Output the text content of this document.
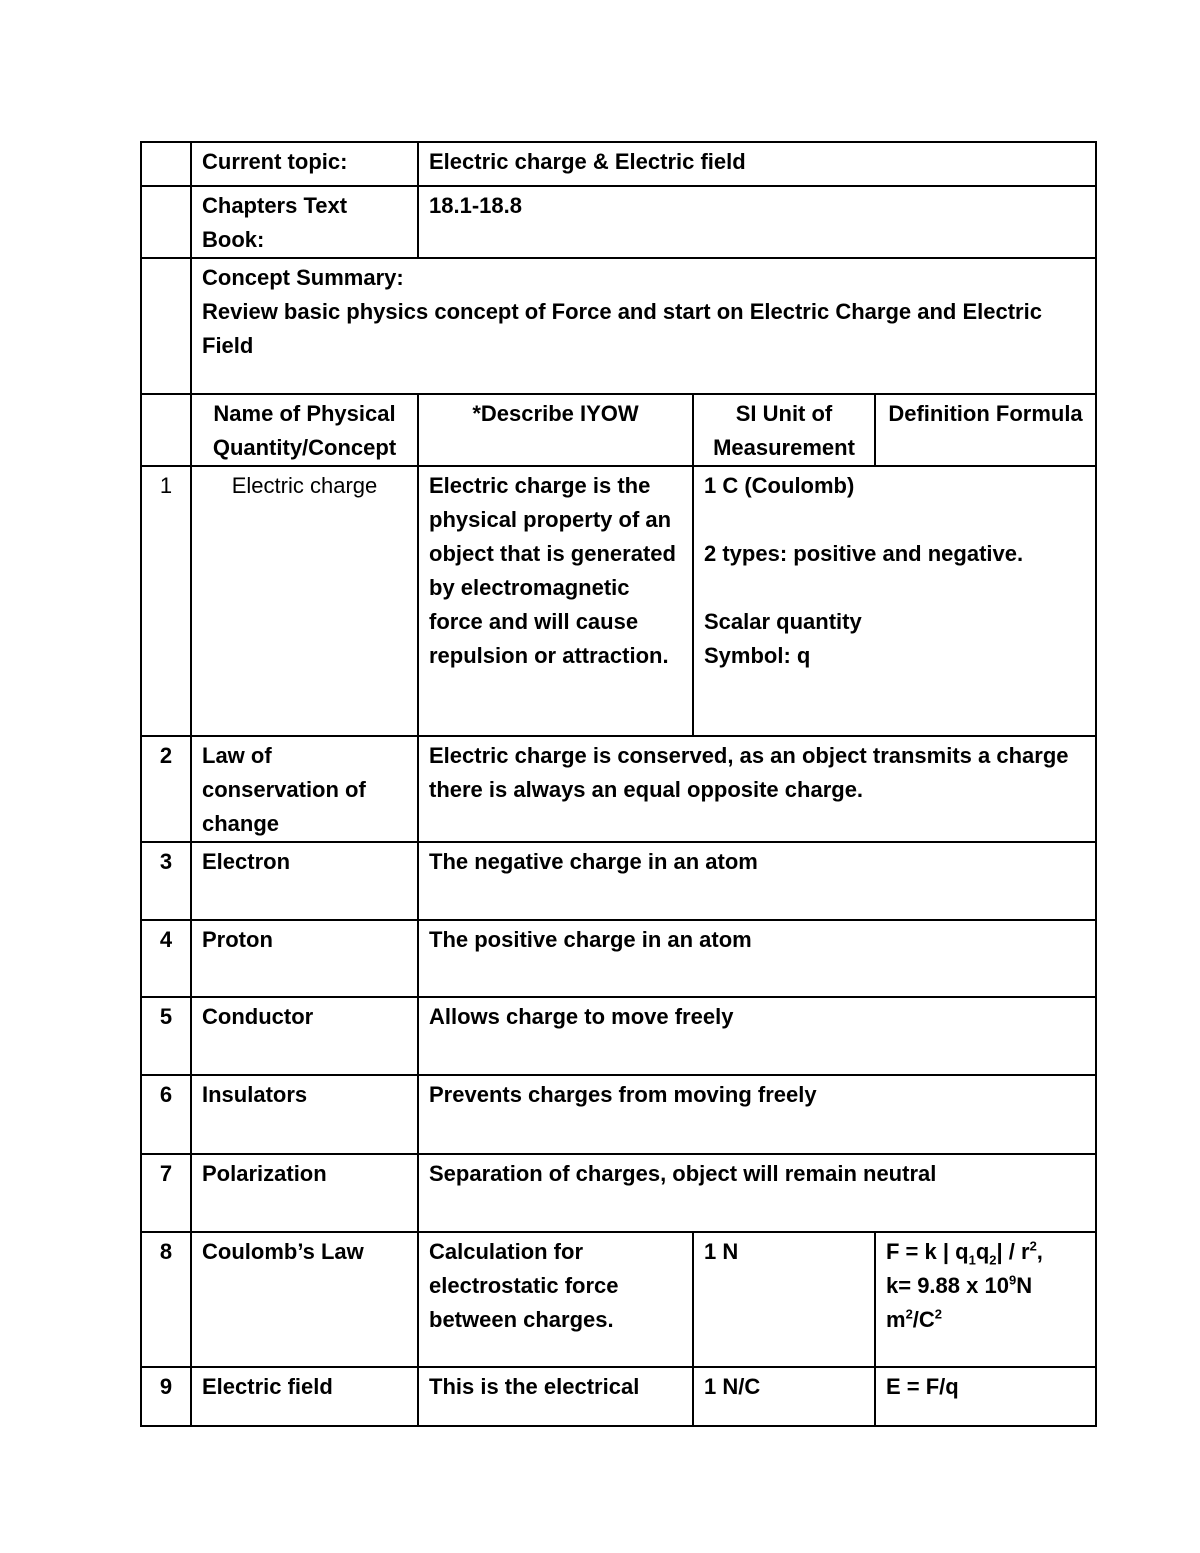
	Current topic:	Electric charge & Electric field		
	Chapters Text Book:	18.1-18.8		

	Concept Summary:
Review basic physics concept of Force and start on Electric Charge and Electric Field			

	Name of Physical Quantity/Concept	*Describe IYOW	SI Unit of Measurement	Definition Formula
1	Electric charge	Electric charge is the physical property of an object that is generated by electromagnetic force and will cause repulsion or attraction.	1 C (Coulomb)
2 types: positive and negative.
Scalar quantity
Symbol: q	

2	Law of conservation of change	Electric charge is conserved, as an object transmits a charge there is always an equal opposite charge.		
3	Electron	The negative charge in an atom		
4	Proton	The positive charge in an atom		
5	Conductor	Allows charge to move freely		
6	Insulators	Prevents charges from moving freely		
7	Polarization	Separation of charges, object will remain neutral		
8	Coulomb’s Law	Calculation for electrostatic force between charges.	1 N	F = k | $q_1q_2| / r^2$,
k= 9.88 x $10^9N$
$m^2/C^2$
9	Electric field	This is the electrical	1 N/C	E = F/q
